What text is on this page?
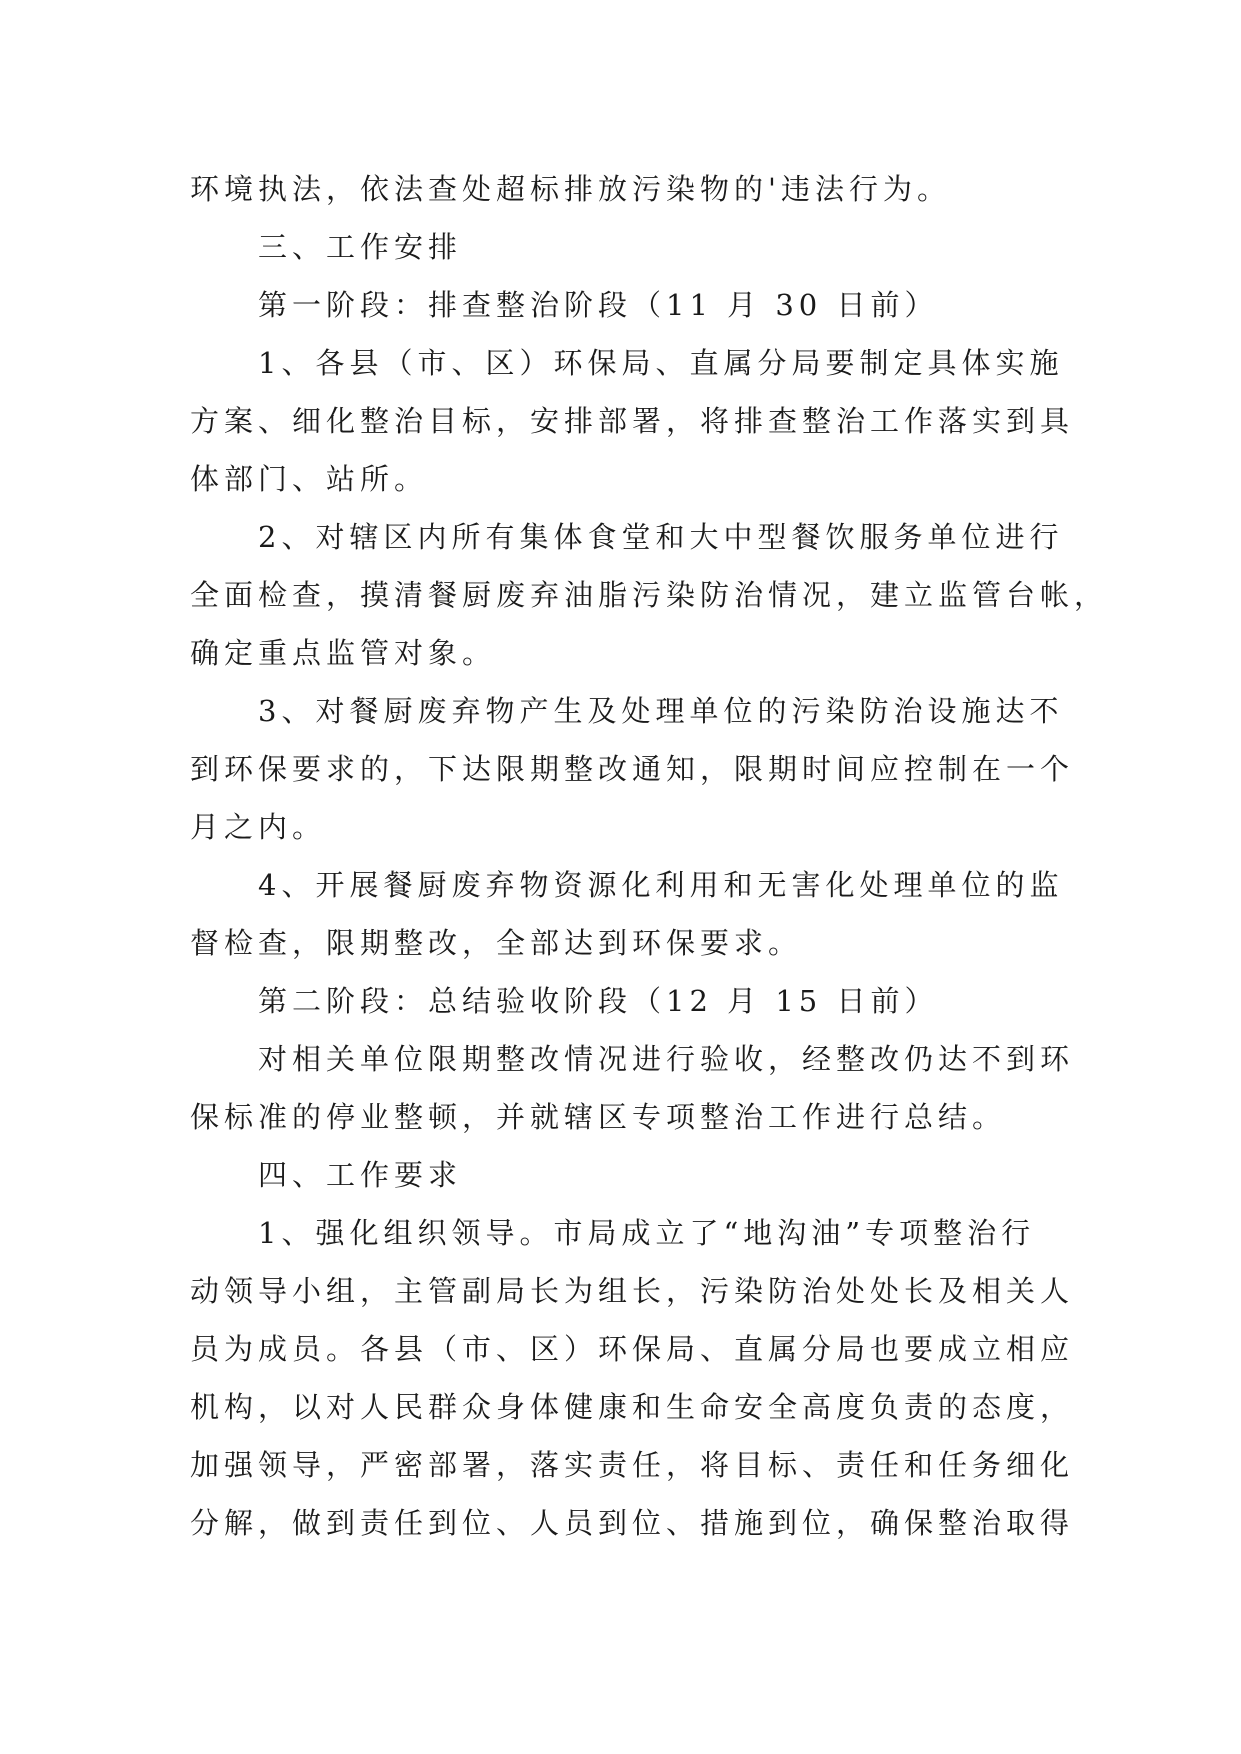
环境执法，依法查处超标排放污染物的'违法行为。
三、工作安排
第一阶段：排查整治阶段（11 月 30 日前）
1、各县（市、区）环保局、直属分局要制定具体实施
方案、细化整治目标，安排部署，将排查整治工作落实到具
体部门、站所。
2、对辖区内所有集体食堂和大中型餐饮服务单位进行
全面检查，摸清餐厨废弃油脂污染防治情况，建立监管台帐，
确定重点监管对象。
3、对餐厨废弃物产生及处理单位的污染防治设施达不
到环保要求的，下达限期整改通知，限期时间应控制在一个
月之内。
4、开展餐厨废弃物资源化利用和无害化处理单位的监
督检查，限期整改，全部达到环保要求。
第二阶段：总结验收阶段（12 月 15 日前）
对相关单位限期整改情况进行验收，经整改仍达不到环
保标准的停业整顿，并就辖区专项整治工作进行总结。
四、工作要求
1、强化组织领导。市局成立了“地沟油”专项整治行
动领导小组，主管副局长为组长，污染防治处处长及相关人
员为成员。各县（市、区）环保局、直属分局也要成立相应
机构，以对人民群众身体健康和生命安全高度负责的态度，
加强领导，严密部署，落实责任，将目标、责任和任务细化
分解，做到责任到位、人员到位、措施到位，确保整治取得
